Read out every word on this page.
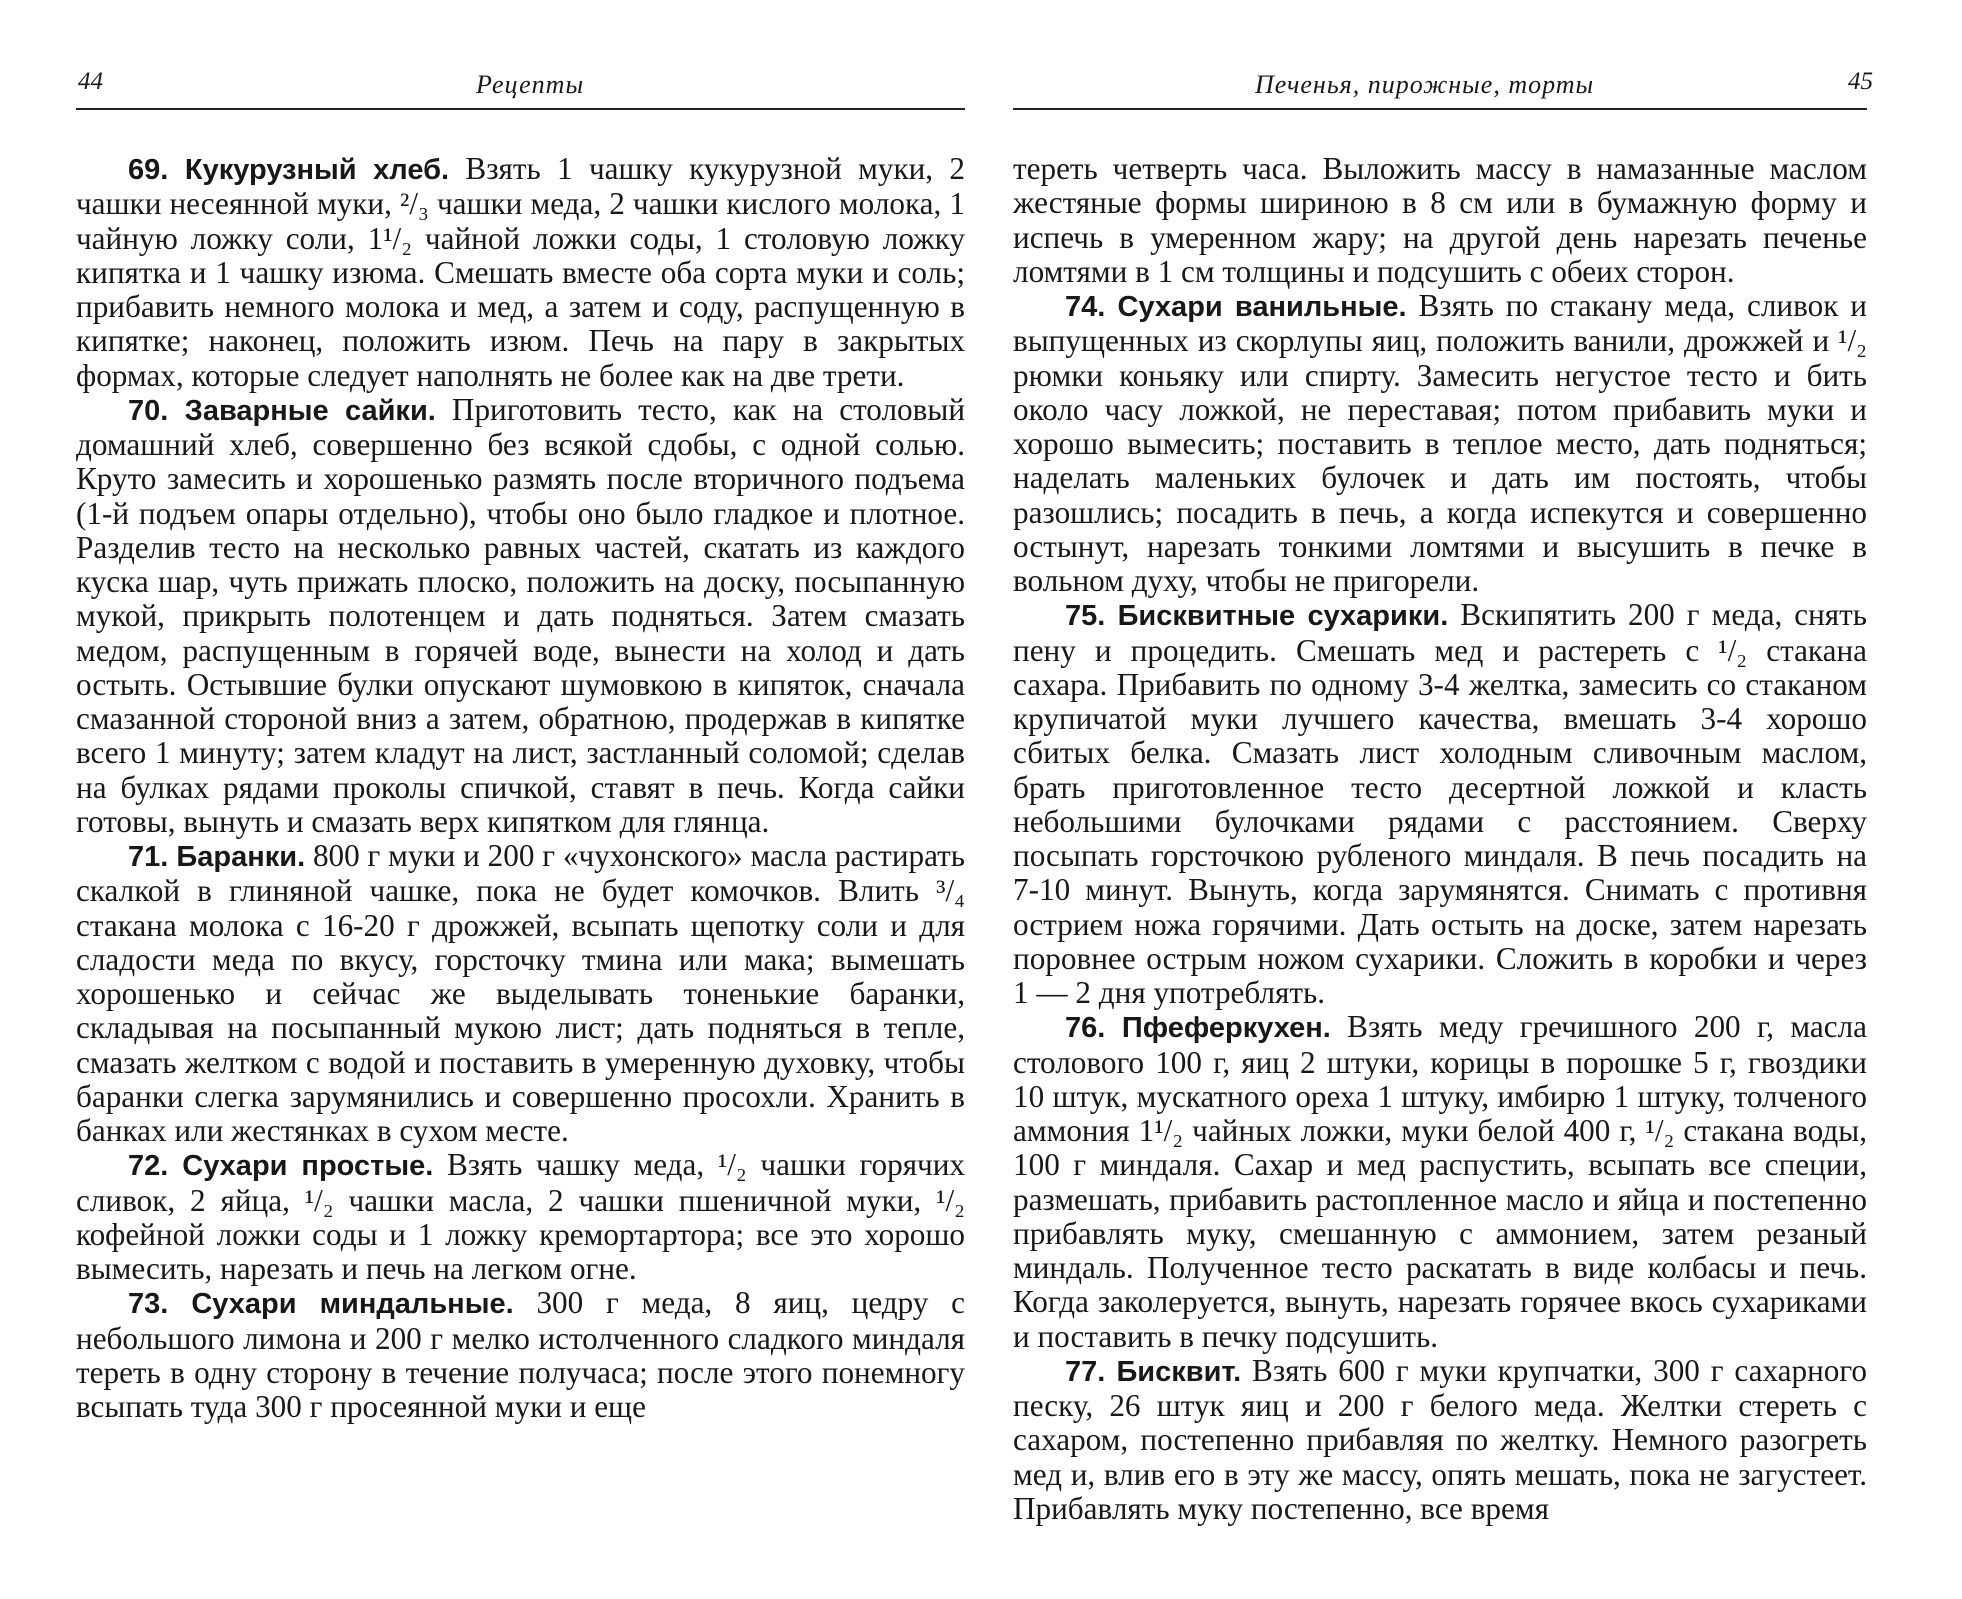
44	Рецепты

69. Кукурузный хлеб. Взять 1 чашку кукурузной муки, 2 чашки несеянной муки, ²/₃ чашки меда, 2 чашки кислого молока, 1 чайную ложку соли, 1¹/₂ чайной ложки соды, 1 столовую ложку кипятка и 1 чашку изюма. Смешать вместе оба сорта муки и соль; прибавить немного молока и мед, а затем и соду, распущенную в кипятке; наконец, положить изюм. Печь на пару в закрытых формах, которые следует наполнять не более как на две трети.

70. Заварные сайки. Приготовить тесто, как на столовый домашний хлеб, совершенно без всякой сдобы, с одной солью. Круто замесить и хорошенько размять после вторичного подъема (1-й подъем опары отдельно), чтобы оно было гладкое и плотное. Разделив тесто на несколько равных частей, скатать из каждого куска шар, чуть прижать плоско, положить на доску, посыпанную мукой, прикрыть полотенцем и дать подняться. Затем смазать медом, распущенным в горячей воде, вынести на холод и дать остыть. Остывшие булки опускают шумовкою в кипяток, сначала смазанной стороной вниз а затем, обратною, продержав в кипятке всего 1 минуту; затем кладут на лист, застланный соломой; сделав на булках рядами проколы спичкой, ставят в печь. Когда сайки готовы, вынуть и смазать верх кипятком для глянца.

71. Баранки. 800 г муки и 200 г «чухонского» масла растирать скалкой в глиняной чашке, пока не будет комочков. Влить ³/₄ стакана молока с 16-20 г дрожжей, всыпать щепотку соли и для сладости меда по вкусу, горсточку тмина или мака; вымешать хорошенько и сейчас же выделывать тоненькие баранки, складывая на посыпанный мукою лист; дать подняться в тепле, смазать желтком с водой и поставить в умеренную духовку, чтобы баранки слегка зарумянились и совершенно просохли. Хранить в банках или жестянках в сухом месте.

72. Сухари простые. Взять чашку меда, ¹/₂ чашки горячих сливок, 2 яйца, ¹/₂ чашки масла, 2 чашки пшеничной муки, ¹/₂ кофейной ложки соды и 1 ложку кремортартора; все это хорошо вымесить, нарезать и печь на легком огне.

73. Сухари миндальные. 300 г меда, 8 яиц, цедру с небольшого лимона и 200 г мелко истолченного сладкого миндаля тереть в одну сторону в течение получаса; после этого понемногу всыпать туда 300 г просеянной муки и еще

Печенья, пирожные, торты	45

тереть четверть часа. Выложить массу в намазанные маслом жестяные формы шириною в 8 см или в бумажную форму и испечь в умеренном жару; на другой день нарезать печенье ломтями в 1 см толщины и подсушить с обеих сторон.

74. Сухари ванильные. Взять по стакану меда, сливок и выпущенных из скорлупы яиц, положить ванили, дрожжей и ¹/₂ рюмки коньяку или спирту. Замесить негустое тесто и бить около часу ложкой, не переставая; потом прибавить муки и хорошо вымесить; поставить в теплое место, дать подняться; наделать маленьких булочек и дать им постоять, чтобы разошлись; посадить в печь, а когда испекутся и совершенно остынут, нарезать тонкими ломтями и высушить в печке в вольном духу, чтобы не пригорели.

75. Бисквитные сухарики. Вскипятить 200 г меда, снять пену и процедить. Смешать мед и растереть с ¹/₂ стакана сахара. Прибавить по одному 3-4 желтка, замесить со стаканом крупичатой муки лучшего качества, вмешать 3-4 хорошо сбитых белка. Смазать лист холодным сливочным маслом, брать приготовленное тесто десертной ложкой и класть небольшими булочками рядами с расстоянием. Сверху посыпать горсточкою рубленого миндаля. В печь посадить на 7-10 минут. Вынуть, когда зарумянятся. Снимать с противня острием ножа горячими. Дать остыть на доске, затем нарезать поровнее острым ножом сухарики. Сложить в коробки и через 1 — 2 дня употреблять.

76. Пфеферкухен. Взять меду гречишного 200 г, масла столового 100 г, яиц 2 штуки, корицы в порошке 5 г, гвоздики 10 штук, мускатного ореха 1 штуку, имбирю 1 штуку, толченого аммония 1¹/₂ чайных ложки, муки белой 400 г, ¹/₂ стакана воды, 100 г миндаля. Сахар и мед распустить, всыпать все специи, размешать, прибавить растопленное масло и яйца и постепенно прибавлять муку, смешанную с аммонием, затем резаный миндаль. Полученное тесто раскатать в виде колбасы и печь. Когда заколеруется, вынуть, нарезать горячее вкось сухариками и поставить в печку подсушить.

77. Бисквит. Взять 600 г муки крупчатки, 300 г сахарного песку, 26 штук яиц и 200 г белого меда. Желтки стереть с сахаром, постепенно прибавляя по желтку. Немного разогреть мед и, влив его в эту же массу, опять мешать, пока не загустеет. Прибавлять муку постепенно, все время
